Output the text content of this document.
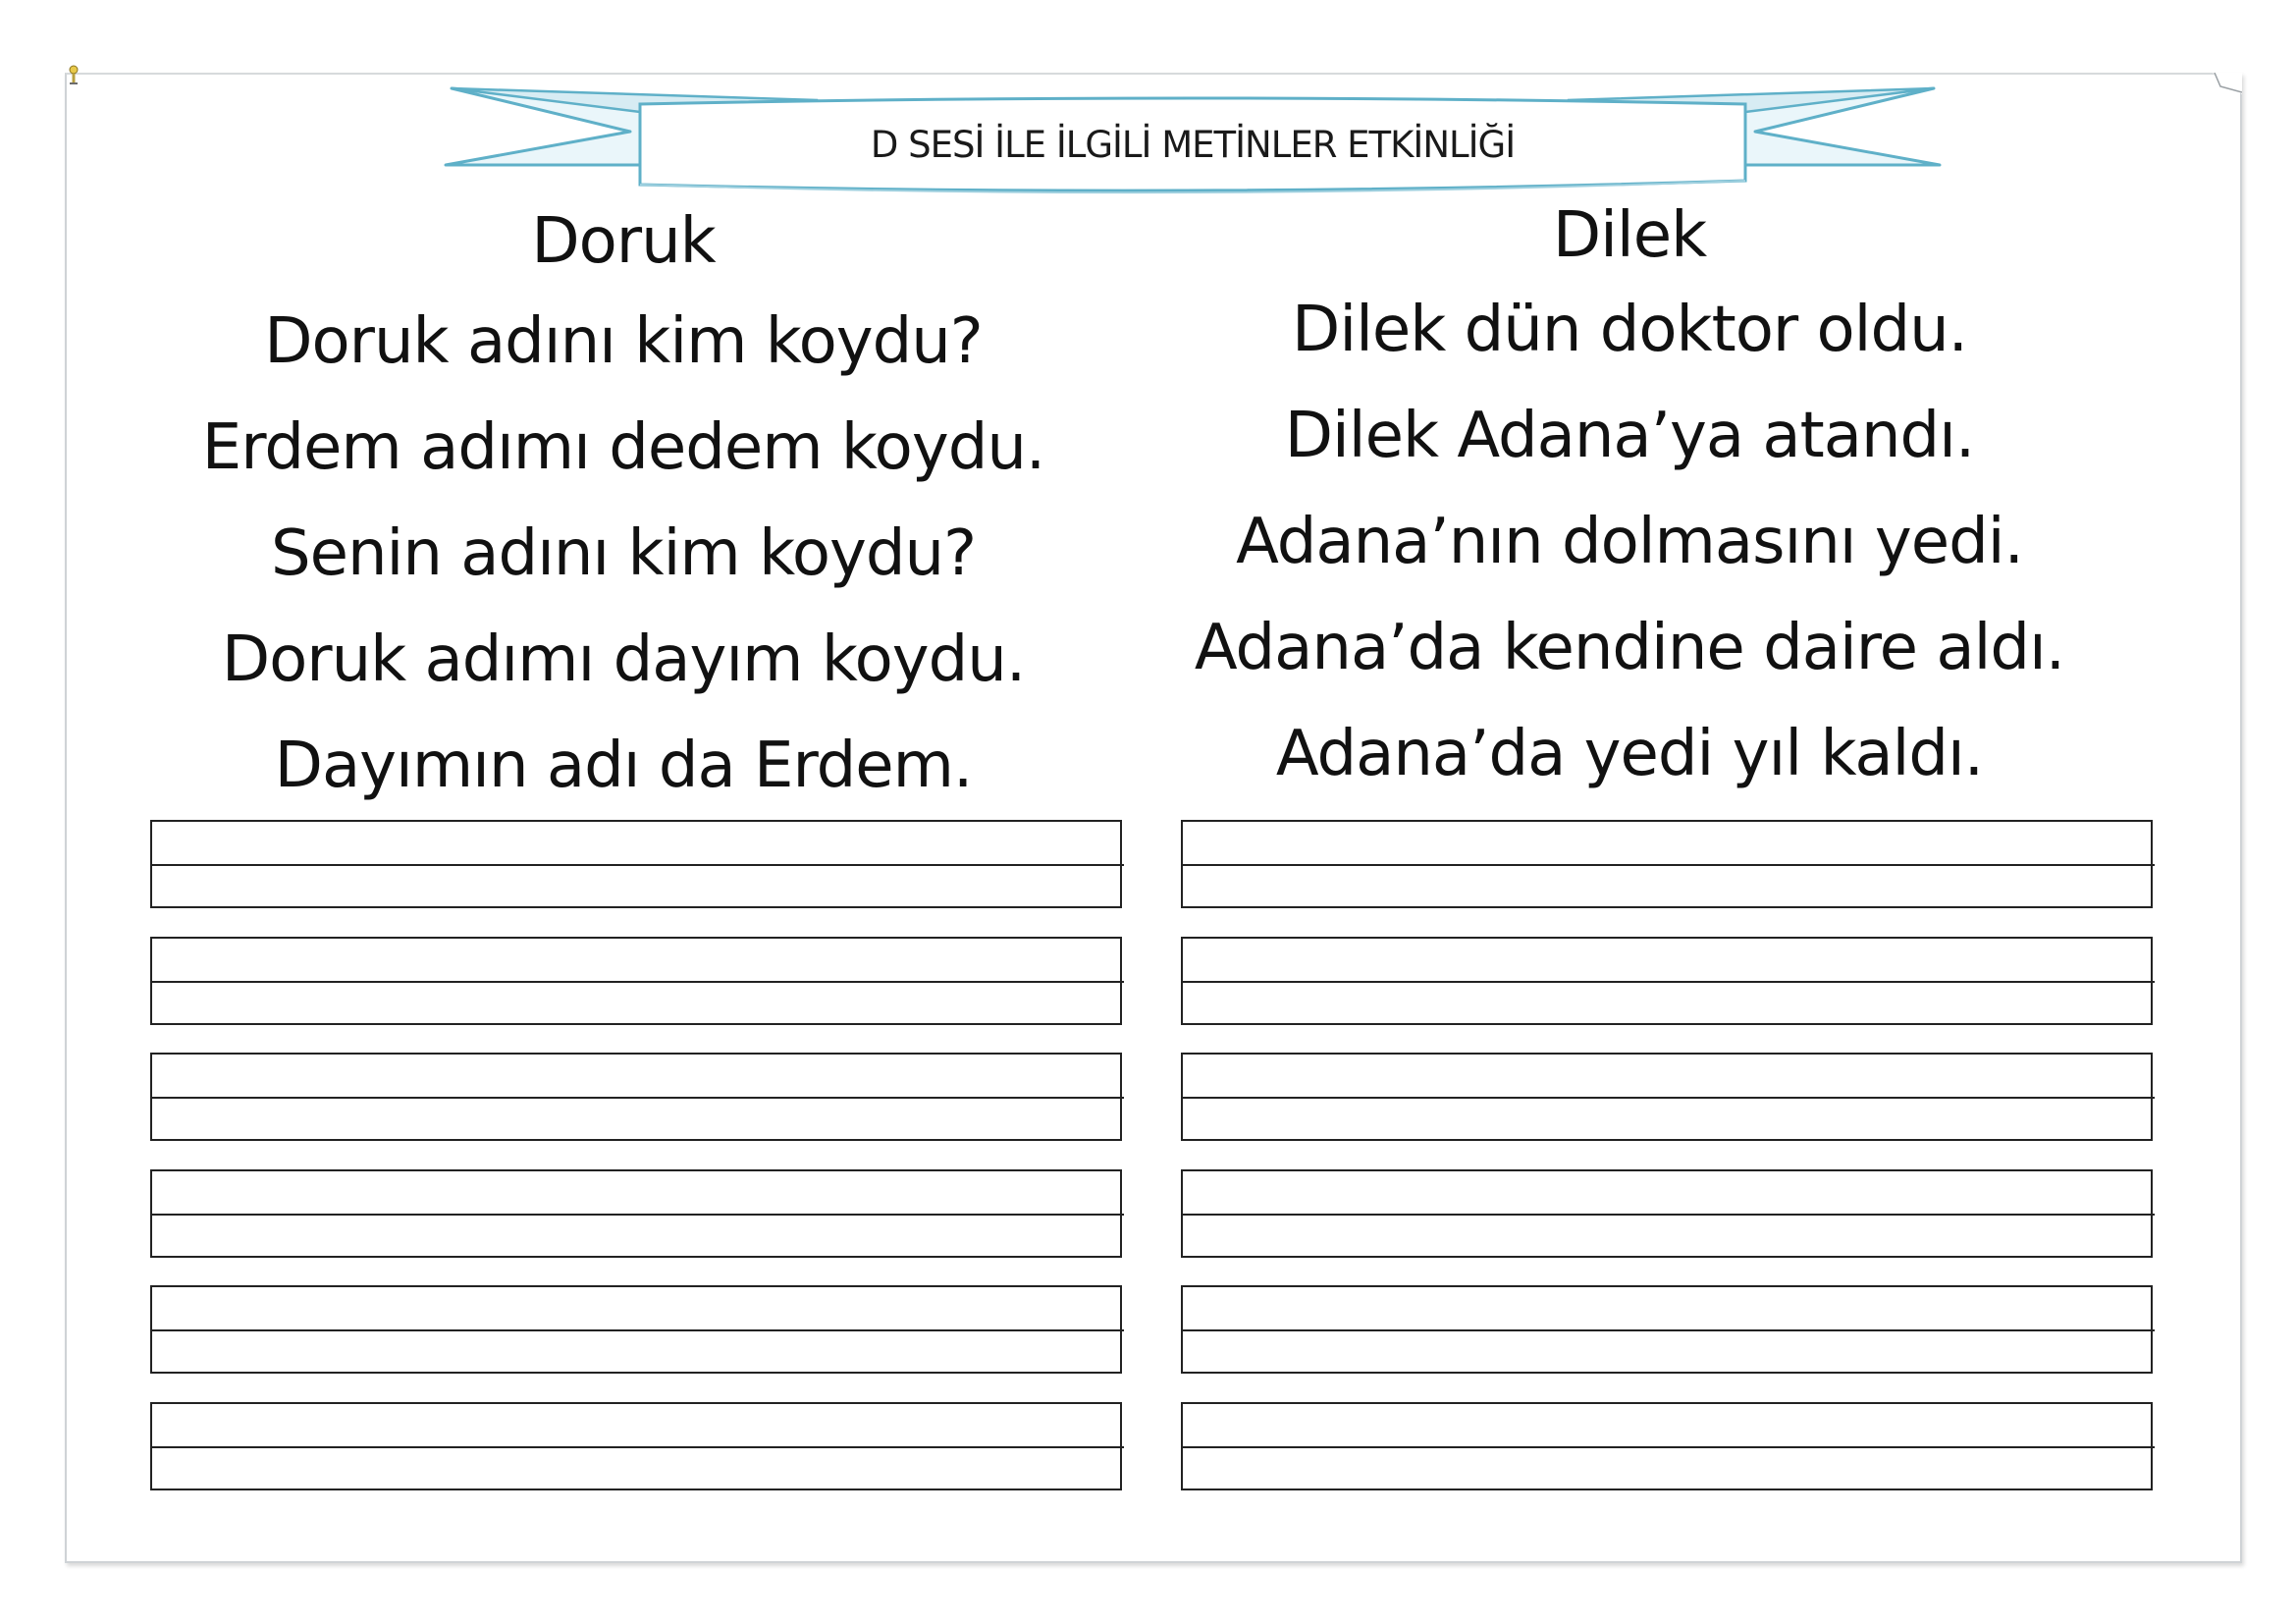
D SESİ İLE İLGİLİ METİNLER ETKİNLİĞİ
Doruk
Doruk adını kim koydu?
Erdem adımı dedem koydu.
Senin adını kim koydu?
Doruk adımı dayım koydu.
Dayımın adı da Erdem.
Dilek
Dilek dün doktor oldu.
Dilek Adana’ya atandı.
Adana’nın dolmasını yedi.
Adana’da kendine daire aldı.
Adana’da yedi yıl kaldı.
